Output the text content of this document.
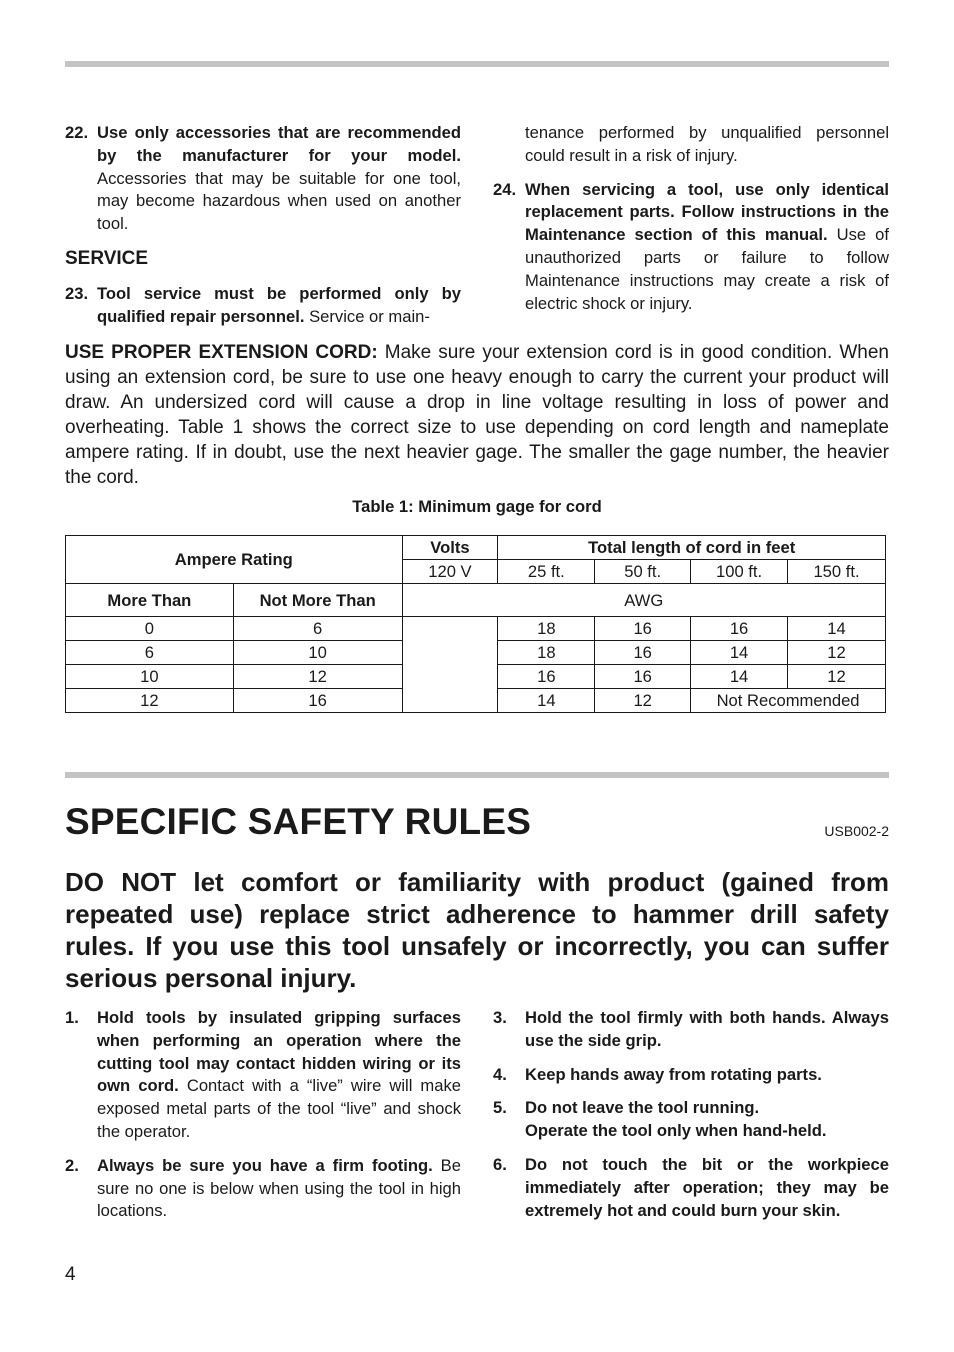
22. Use only accessories that are recommended by the manufacturer for your model. Accessories that may be suitable for one tool, may become hazardous when used on another tool.
SERVICE
23. Tool service must be performed only by qualified repair personnel. Service or main-
tenance performed by unqualified personnel could result in a risk of injury.
24. When servicing a tool, use only identical replacement parts. Follow instructions in the Maintenance section of this manual. Use of unauthorized parts or failure to follow Maintenance instructions may create a risk of electric shock or injury.
USE PROPER EXTENSION CORD: Make sure your extension cord is in good condition. When using an extension cord, be sure to use one heavy enough to carry the current your product will draw. An undersized cord will cause a drop in line voltage resulting in loss of power and overheating. Table 1 shows the correct size to use depending on cord length and nameplate ampere rating. If in doubt, use the next heavier gage. The smaller the gage number, the heavier the cord.
Table 1: Minimum gage for cord
Ampere Rating		Volts	Total length of cord in feet			
		120 V	25 ft.	50 ft.	100 ft.	150 ft.
More Than	Not More Than	AWG				
0	6		18	16	16	14
6	10		18	16	14	12
10	12		16	16	14	12
12	16		14	12	Not Recommended	
SPECIFIC SAFETY RULES	USB002-2
DO NOT let comfort or familiarity with product (gained from repeated use) replace strict adherence to hammer drill safety rules. If you use this tool unsafely or incorrectly, you can suffer serious personal injury.
1.	Hold tools by insulated gripping surfaces when performing an operation where the cutting tool may contact hidden wiring or its own cord. Contact with a “live” wire will make exposed metal parts of the tool “live” and shock the operator.
2.	Always be sure you have a firm footing. Be sure no one is below when using the tool in high locations.
3.	Hold the tool firmly with both hands. Always use the side grip.
4.	Keep hands away from rotating parts.
5.	Do not leave the tool running.
Operate the tool only when hand-held.
6.	Do not touch the bit or the workpiece immediately after operation; they may be extremely hot and could burn your skin.
4
